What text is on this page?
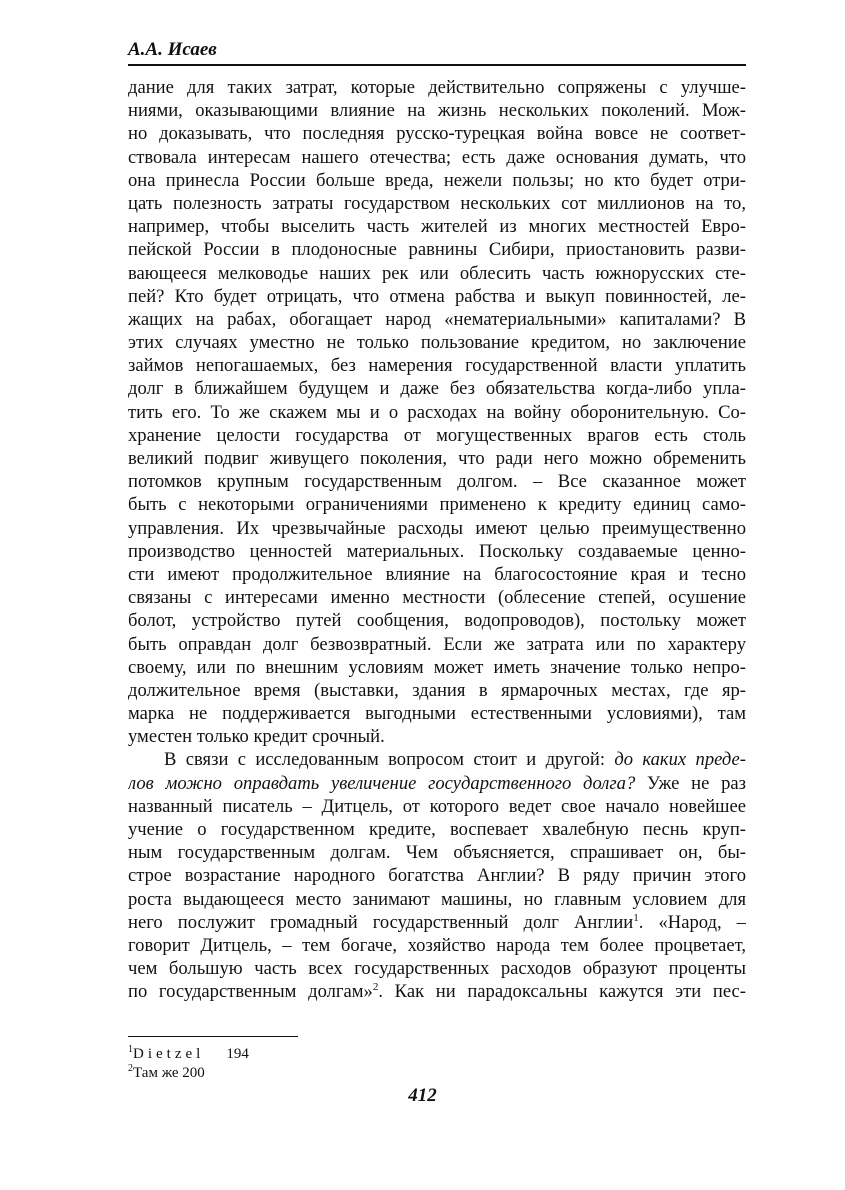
А.А. Исаев
дание для таких затрат, которые действительно сопряжены с улучше-
ниями, оказывающими влияние на жизнь нескольких поколений. Мож-
но доказывать, что последняя русско-турецкая война вовсе не соответ-
ствовала интересам нашего отечества; есть даже основания думать, что
она принесла России больше вреда, нежели пользы; но кто будет отри-
цать полезность затраты государством нескольких сот миллионов на то,
например, чтобы выселить часть жителей из многих местностей Евро-
пейской России в плодоносные равнины Сибири, приостановить разви-
вающееся мелководье наших рек или облесить часть южнорусских сте-
пей? Кто будет отрицать, что отмена рабства и выкуп повинностей, ле-
жащих на рабах, обогащает народ «нематериальными» капиталами? В
этих случаях уместно не только пользование кредитом, но заключение
займов непогашаемых, без намерения государственной власти уплатить
долг в ближайшем будущем и даже без обязательства когда-либо упла-
тить его. То же скажем мы и о расходах на войну оборонительную. Со-
хранение целости государства от могущественных врагов есть столь
великий подвиг живущего поколения, что ради него можно обременить
потомков крупным государственным долгом. – Все сказанное может
быть с некоторыми ограничениями применено к кредиту единиц само-
управления. Их чрезвычайные расходы имеют целью преимущественно
производство ценностей материальных. Поскольку создаваемые ценно-
сти имеют продолжительное влияние на благосостояние края и тесно
связаны с интересами именно местности (облесение степей, осушение
болот, устройство путей сообщения, водопроводов), постольку может
быть оправдан долг безвозвратный. Если же затрата или по характеру
своему, или по внешним условиям может иметь значение только непро-
должительное время (выставки, здания в ярмарочных местах, где яр-
марка не поддерживается выгодными естественными условиями), там
уместен только кредит срочный.
В связи с исследованным вопросом стоит и другой: до каких преде-
лов можно оправдать увеличение государственного долга? Уже не раз
названный писатель – Дитцель, от которого ведет свое начало новейшее
учение о государственном кредите, воспевает хвалебную песнь круп-
ным государственным долгам. Чем объясняется, спрашивает он, бы-
строе возрастание народного богатства Англии? В ряду причин этого
роста выдающееся место занимают машины, но главным условием для
него послужит громадный государственный долг Англии$^1$. «Народ, –
говорит Дитцель, – тем богаче, хозяйство народа тем более процветает,
чем большую часть всех государственных расходов образуют проценты
по государственным долгам»$^2$. Как ни парадоксальны кажутся эти пес-
$^1$Dietzel 194
$^2$Там же 200
412
